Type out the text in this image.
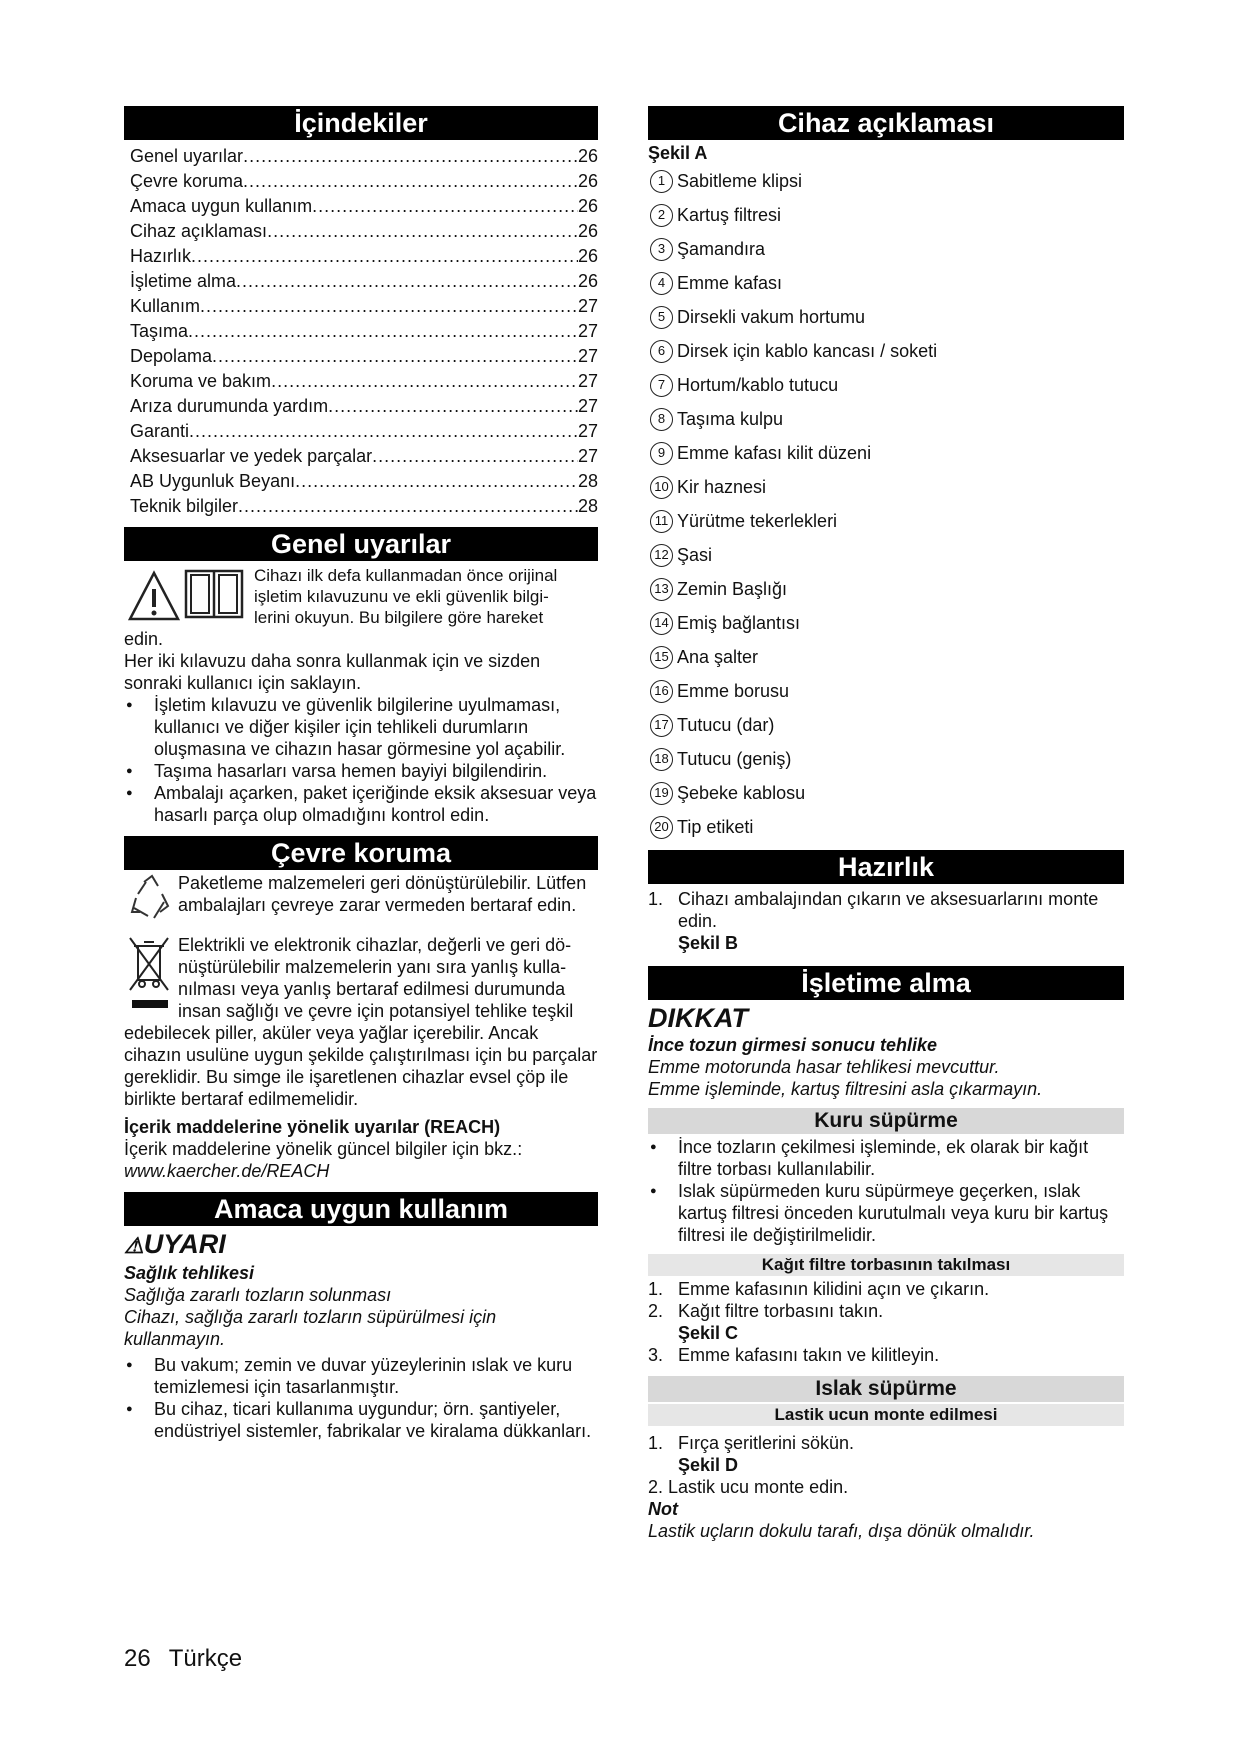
İçindekiler
Genel uyarılar .....	26
Çevre koruma .....	26
Amaca uygun kullanım .....	26
Cihaz açıklaması .....	26
Hazırlık .....	26
İşletime alma .....	26
Kullanım .....	27
Taşıma .....	27
Depolama .....	27
Koruma ve bakım .....	27
Arıza durumunda yardım .....	27
Garanti .....	27
Aksesuarlar ve yedek parçalar .....	27
AB Uygunluk Beyanı .....	28
Teknik bilgiler .....	28
Genel uyarılar
Cihazı ilk defa kullanmadan önce orijinal
işletim kılavuzunu ve ekli güvenlik bilgi-
lerini okuyun. Bu bilgilere göre hareket

edin.

Her iki kılavuzu daha sonra kullanmak için ve sizden sonraki kullanıcı için saklayın.

● İşletim kılavuzu ve güvenlik bilgilerine uyulmaması, kullanıcı ve diğer kişiler için tehlikeli durumların oluşmasına ve cihazın hasar görmesine yol açabilir.
● Taşıma hasarları varsa hemen bayiyi bilgilendirin.
● Ambalajı açarken, paket içeriğinde eksik aksesuar veya hasarlı parça olup olmadığını kontrol edin.
Çevre koruma
Paketleme malzemeleri geri dönüştürülebilir. Lütfen ambalajları çevreye zarar vermeden bertaraf edin.
Elektrikli ve elektronik cihazlar, değerli ve geri dö-
nüştürülebilir malzemelerin yanı sıra yanlış kulla-
nılması veya yanlış bertaraf edilmesi durumunda
insan sağlığı ve çevre için potansiyel tehlike teşkil

edebilecek piller, aküler veya yağlar içerebilir. Ancak cihazın usulüne uygun şekilde çalıştırılması için bu parçalar gereklidir. Bu simge ile işaretlenen cihazlar evsel çöp ile birlikte bertaraf edilmemelidir.

İçerik maddelerine yönelik uyarılar (REACH)

İçerik maddelerine yönelik güncel bilgiler için bkz.:

www.kaercher.de/REACH

Amaca uygun kullanım
⚠UYARI

Sağlık tehlikesi

Sağlığa zararlı tozların solunması

Cihazı, sağlığa zararlı tozların süpürülmesi için kullanmayın.

● Bu vakum; zemin ve duvar yüzeylerinin ıslak ve kuru temizlemesi için tasarlanmıştır.
● Bu cihaz, ticari kullanıma uygundur; örn. şantiyeler, endüstriyel sistemler, fabrikalar ve kiralama dükkanları.
Cihaz açıklaması

Şekil A

1 Sabitleme klipsi
2 Kartuş filtresi
3 Şamandıra
4 Emme kafası
5 Dirsekli vakum hortumu
6 Dirsek için kablo kancası / soketi
7 Hortum/kablo tutucu
8 Taşıma kulpu
9 Emme kafası kilit düzeni
10 Kir haznesi
11 Yürütme tekerlekleri
12 Şasi
13 Zemin Başlığı
14 Emiş bağlantısı
15 Ana şalter
16 Emme borusu
17 Tutucu (dar)
18 Tutucu (geniş)
19 Şebeke kablosu
20 Tip etiketi
Hazırlık
1. Cihazı ambalajından çıkarın ve aksesuarlarını monte edin.

Şekil B

İşletime alma
DIKKAT

İnce tozun girmesi sonucu tehlike

Emme motorunda hasar tehlikesi mevcuttur.

Emme işleminde, kartuş filtresini asla çıkarmayın.

Kuru süpürme
● İnce tozların çekilmesi işleminde, ek olarak bir kağıt filtre torbası kullanılabilir.
● Islak süpürmeden kuru süpürmeye geçerken, ıslak kartuş filtresi önceden kurutulmalı veya kuru bir kartuş filtresi ile değiştirilmelidir.
Kağıt filtre torbasının takılması
1. Emme kafasının kilidini açın ve çıkarın.
2. Kağıt filtre torbasını takın.

Şekil C

3. Emme kafasını takın ve kilitleyin.
Islak süpürme
Lastik ucun monte edilmesi
1. Fırça şeritlerini sökün.

Şekil D

2. Lastik ucu monte edin.

Not

Lastik uçların dokulu tarafı, dışa dönük olmalıdır.

26 Türkçe
